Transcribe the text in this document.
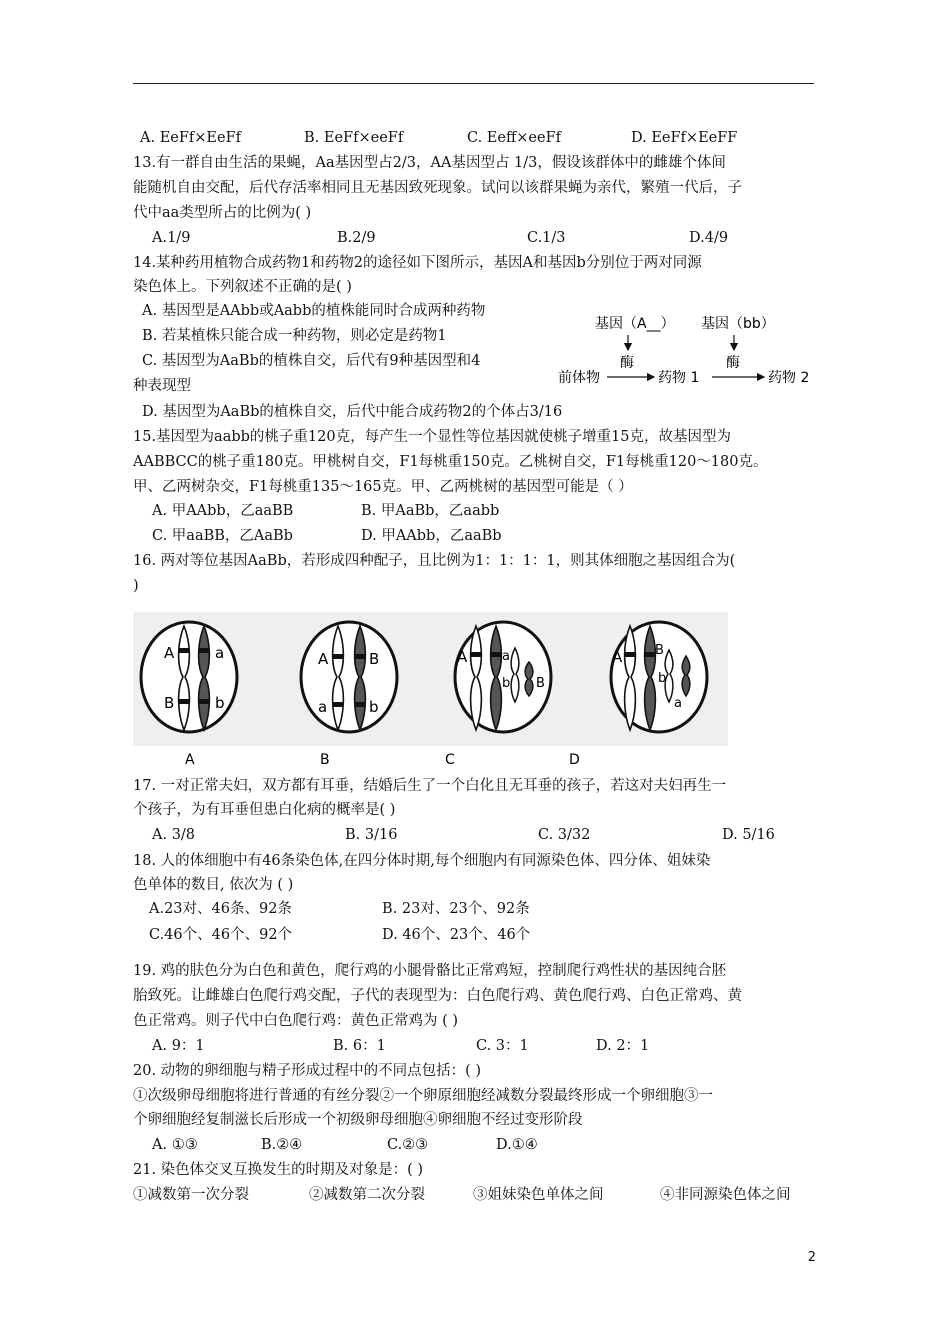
A. EeFf×EeFf	B. EeFf×eeFf	C. Eeff×eeFf	D. EeFf×EeFF
13.有一群自由生活的果蝇，Aa基因型占2/3，AA基因型占 1/3，假设该群体中的雌雄个体间
能随机自由交配，后代存活率相同且无基因致死现象。试问以该群果蝇为亲代，繁殖一代后，子
代中aa类型所占的比例为( )
A.1/9	B.2/9	C.1/3	D.4/9
14.某种药用植物合成药物1和药物2的途径如下图所示，基因A和基因b分别位于两对同源
染色体上。下列叙述不正确的是( )
A. 基因型是AAbb或Aabb的植株能同时合成两种药物
B. 若某植株只能合成一种药物，则必定是药物1
C. 基因型为AaBb的植株自交，后代有9种基因型和4
种表现型
D. 基因型为AaBb的植株自交，后代中能合成药物2的个体占3/16
基因（A__） 基因（bb）
酶	酶
前体物	药物 1	药物 2
15.基因型为aabb的桃子重120克，每产生一个显性等位基因就使桃子增重15克，故基因型为
AABBCC的桃子重180克。甲桃树自交，F1每桃重150克。乙桃树自交，F1每桃重120～180克。
甲、乙两树杂交，F1每桃重135～165克。甲、乙两桃树的基因型可能是（ ）
A. 甲AAbb，乙aaBB	B. 甲AaBb，乙aabb
C. 甲aaBB，乙AaBb	D. 甲AAbb，乙aaBb
16. 两对等位基因AaBb，若形成四种配子，且比例为1：1：1：1，则其体细胞之基因组合为(
)
A	a
B	b
A	B
a	b
A	a
b B
A	B
b
a
A	B	C	D
17. 一对正常夫妇，双方都有耳垂，结婚后生了一个白化且无耳垂的孩子，若这对夫妇再生一
个孩子，为有耳垂但患白化病的概率是( )
A. 3/8	B. 3/16	C. 3/32	D. 5/16
18. 人的体细胞中有46条染色体,在四分体时期,每个细胞内有同源染色体、四分体、姐妹染
色单体的数目, 依次为 ( )
A.23对、46条、92条	B. 23对、23个、92条
C.46个、46个、92个	D. 46个、23个、46个
19. 鸡的肤色分为白色和黄色，爬行鸡的小腿骨骼比正常鸡短，控制爬行鸡性状的基因纯合胚
胎致死。让雌雄白色爬行鸡交配，子代的表现型为：白色爬行鸡、黄色爬行鸡、白色正常鸡、黄
色正常鸡。则子代中白色爬行鸡：黄色正常鸡为 ( )
A. 9：1	B. 6：1	C. 3：1	D. 2：1
20. 动物的卵细胞与精子形成过程中的不同点包括：( )
①次级卵母细胞将进行普通的有丝分裂②一个卵原细胞经减数分裂最终形成一个卵细胞③一
个卵细胞经复制滋长后形成一个初级卵母细胞④卵细胞不经过变形阶段
A. ①③	B.②④	C.②③	D.①④
21. 染色体交叉互换发生的时期及对象是：( )
①减数第一次分裂	②减数第二次分裂	③姐妹染色单体之间	④非同源染色体之间
2
